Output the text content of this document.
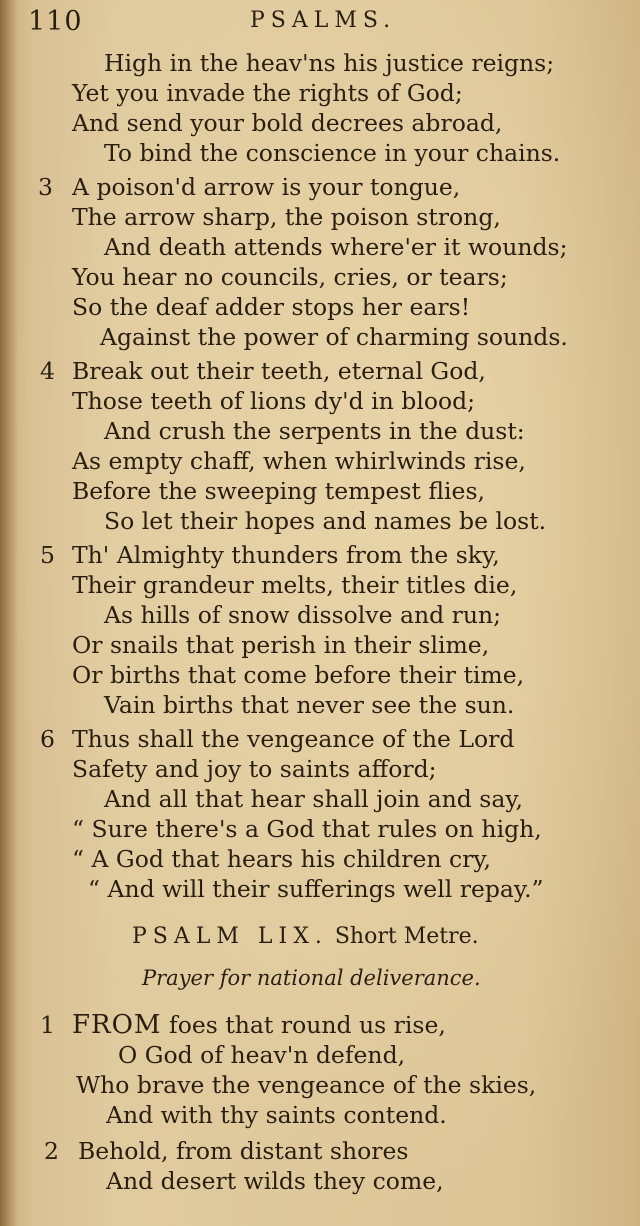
110	PSALMS.
High in the heav'ns his justice reigns;
Yet you invade the rights of God;
And send your bold decrees abroad,
To bind the conscience in your chains.
3 A poison'd arrow is your tongue,
The arrow sharp, the poison strong,
And death attends where'er it wounds;
You hear no councils, cries, or tears;
So the deaf adder stops her ears!
Against the power of charming sounds.
4 Break out their teeth, eternal God,
Those teeth of lions dy'd in blood;
And crush the serpents in the dust:
As empty chaff, when whirlwinds rise,
Before the sweeping tempest flies,
So let their hopes and names be lost.
5 Th' Almighty thunders from the sky,
Their grandeur melts, their titles die,
As hills of snow dissolve and run;
Or snails that perish in their slime,
Or births that come before their time,
Vain births that never see the sun.
6 Thus shall the vengeance of the Lord
Safety and joy to saints afford;
And all that hear shall join and say,
“ Sure there's a God that rules on high,
“ A God that hears his children cry,
“ And will their sufferings well repay.”
PSALM LIX. Short Metre.
Prayer for national deliverance.
1 FROM foes that round us rise,
O God of heav'n defend,
Who brave the vengeance of the skies,
And with thy saints contend.
2 Behold, from distant shores
And desert wilds they come,
